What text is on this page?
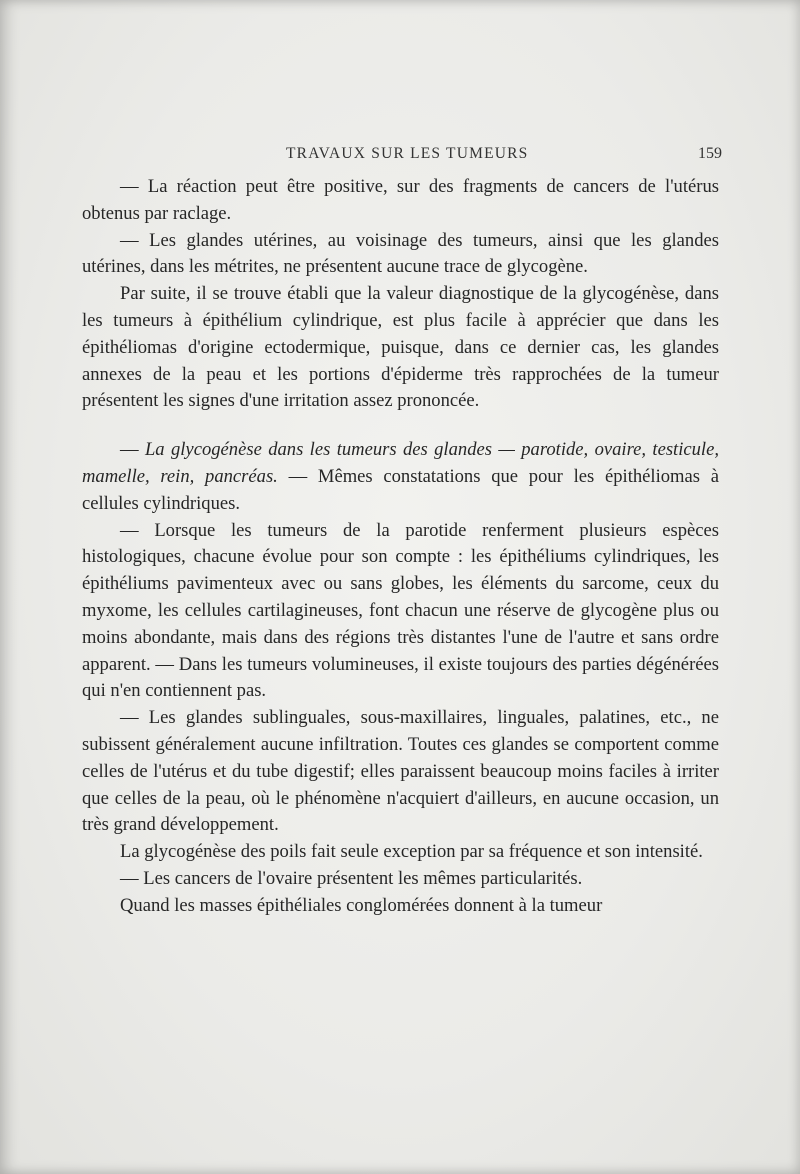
TRAVAUX SUR LES TUMEURS	159

— La réaction peut être positive, sur des fragments de cancers de l'utérus obtenus par raclage.

— Les glandes utérines, au voisinage des tumeurs, ainsi que les glandes utérines, dans les métrites, ne présentent aucune trace de glycogène.

Par suite, il se trouve établi que la valeur diagnostique de la glycogénèse, dans les tumeurs à épithélium cylindrique, est plus facile à apprécier que dans les épithéliomas d'origine ectodermique, puisque, dans ce dernier cas, les glandes annexes de la peau et les portions d'épiderme très rapprochées de la tumeur présentent les signes d'une irritation assez prononcée.

— La glycogénèse dans les tumeurs des glandes — parotide, ovaire, testicule, mamelle, rein, pancréas. — Mêmes constatations que pour les épithéliomas à cellules cylindriques.

— Lorsque les tumeurs de la parotide renferment plusieurs espèces histologiques, chacune évolue pour son compte : les épithéliums cylindriques, les épithéliums pavimenteux avec ou sans globes, les éléments du sarcome, ceux du myxome, les cellules cartilagineuses, font chacun une réserve de glycogène plus ou moins abondante, mais dans des régions très distantes l'une de l'autre et sans ordre apparent. — Dans les tumeurs volumineuses, il existe toujours des parties dégénérées qui n'en contiennent pas.

— Les glandes sublinguales, sous-maxillaires, linguales, palatines, etc., ne subissent généralement aucune infiltration. Toutes ces glandes se comportent comme celles de l'utérus et du tube digestif; elles paraissent beaucoup moins faciles à irriter que celles de la peau, où le phénomène n'acquiert d'ailleurs, en aucune occasion, un très grand développement.

La glycogénèse des poils fait seule exception par sa fréquence et son intensité.

— Les cancers de l'ovaire présentent les mêmes particularités.

Quand les masses épithéliales conglomérées donnent à la tumeur
